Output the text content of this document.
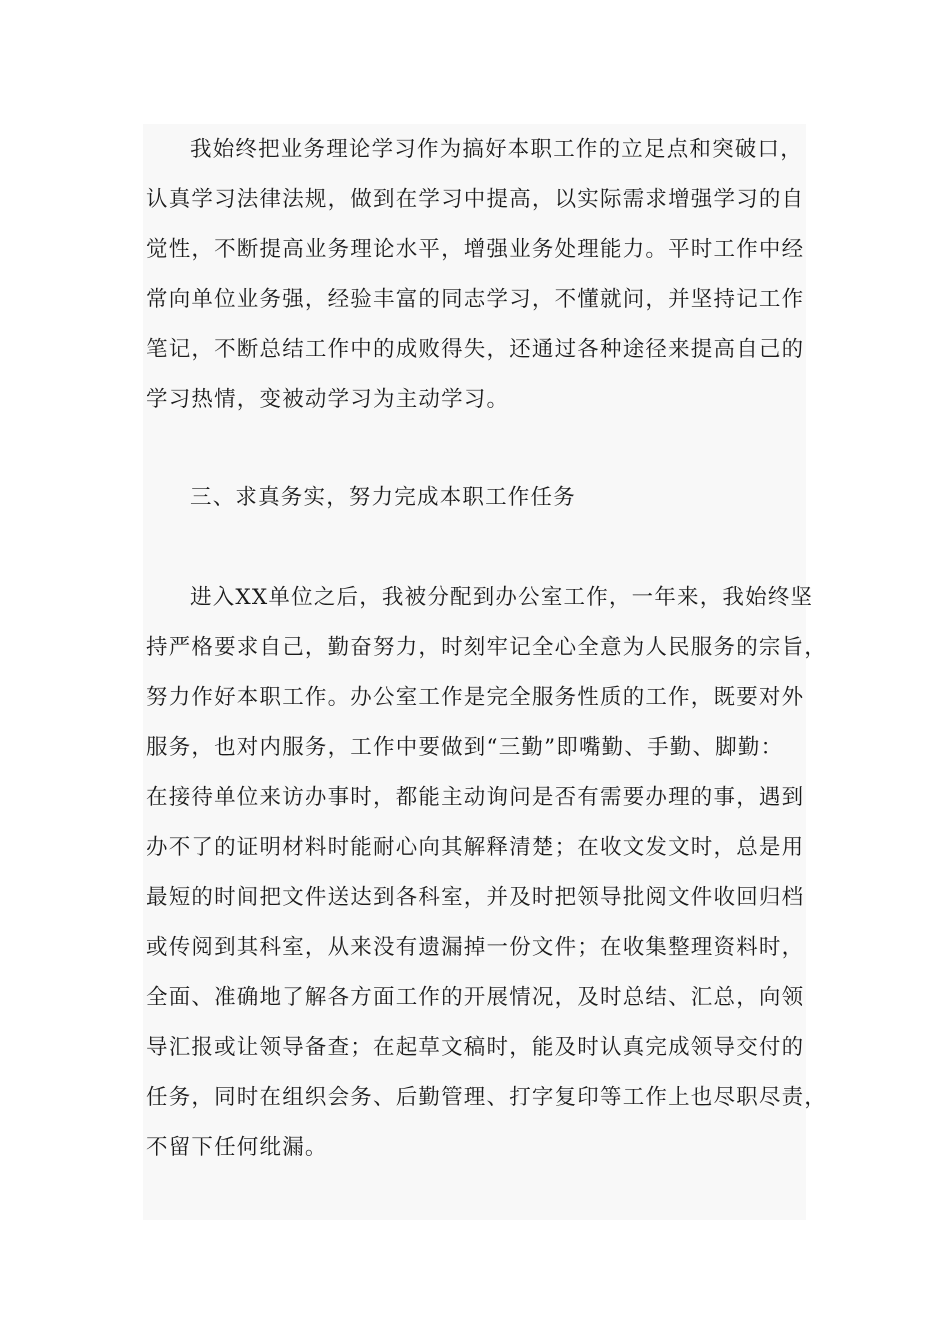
我始终把业务理论学习作为搞好本职工作的立足点和突破口，
认真学习法律法规，做到在学习中提高，以实际需求增强学习的自
觉性，不断提高业务理论水平，增强业务处理能力。平时工作中经
常向单位业务强，经验丰富的同志学习，不懂就问，并坚持记工作
笔记，不断总结工作中的成败得失，还通过各种途径来提高自己的
学习热情，变被动学习为主动学习。
三、求真务实，努力完成本职工作任务
进入XX单位之后，我被分配到办公室工作，一年来，我始终坚
持严格要求自己，勤奋努力，时刻牢记全心全意为人民服务的宗旨，
努力作好本职工作。办公室工作是完全服务性质的工作，既要对外
服务，也对内服务，工作中要做到“三勤”即嘴勤、手勤、脚勤：
在接待单位来访办事时，都能主动询问是否有需要办理的事，遇到
办不了的证明材料时能耐心向其解释清楚；在收文发文时，总是用
最短的时间把文件送达到各科室，并及时把领导批阅文件收回归档
或传阅到其科室，从来没有遗漏掉一份文件；在收集整理资料时，
全面、准确地了解各方面工作的开展情况，及时总结、汇总，向领
导汇报或让领导备查；在起草文稿时，能及时认真完成领导交付的
任务，同时在组织会务、后勤管理、打字复印等工作上也尽职尽责，
不留下任何纰漏。
